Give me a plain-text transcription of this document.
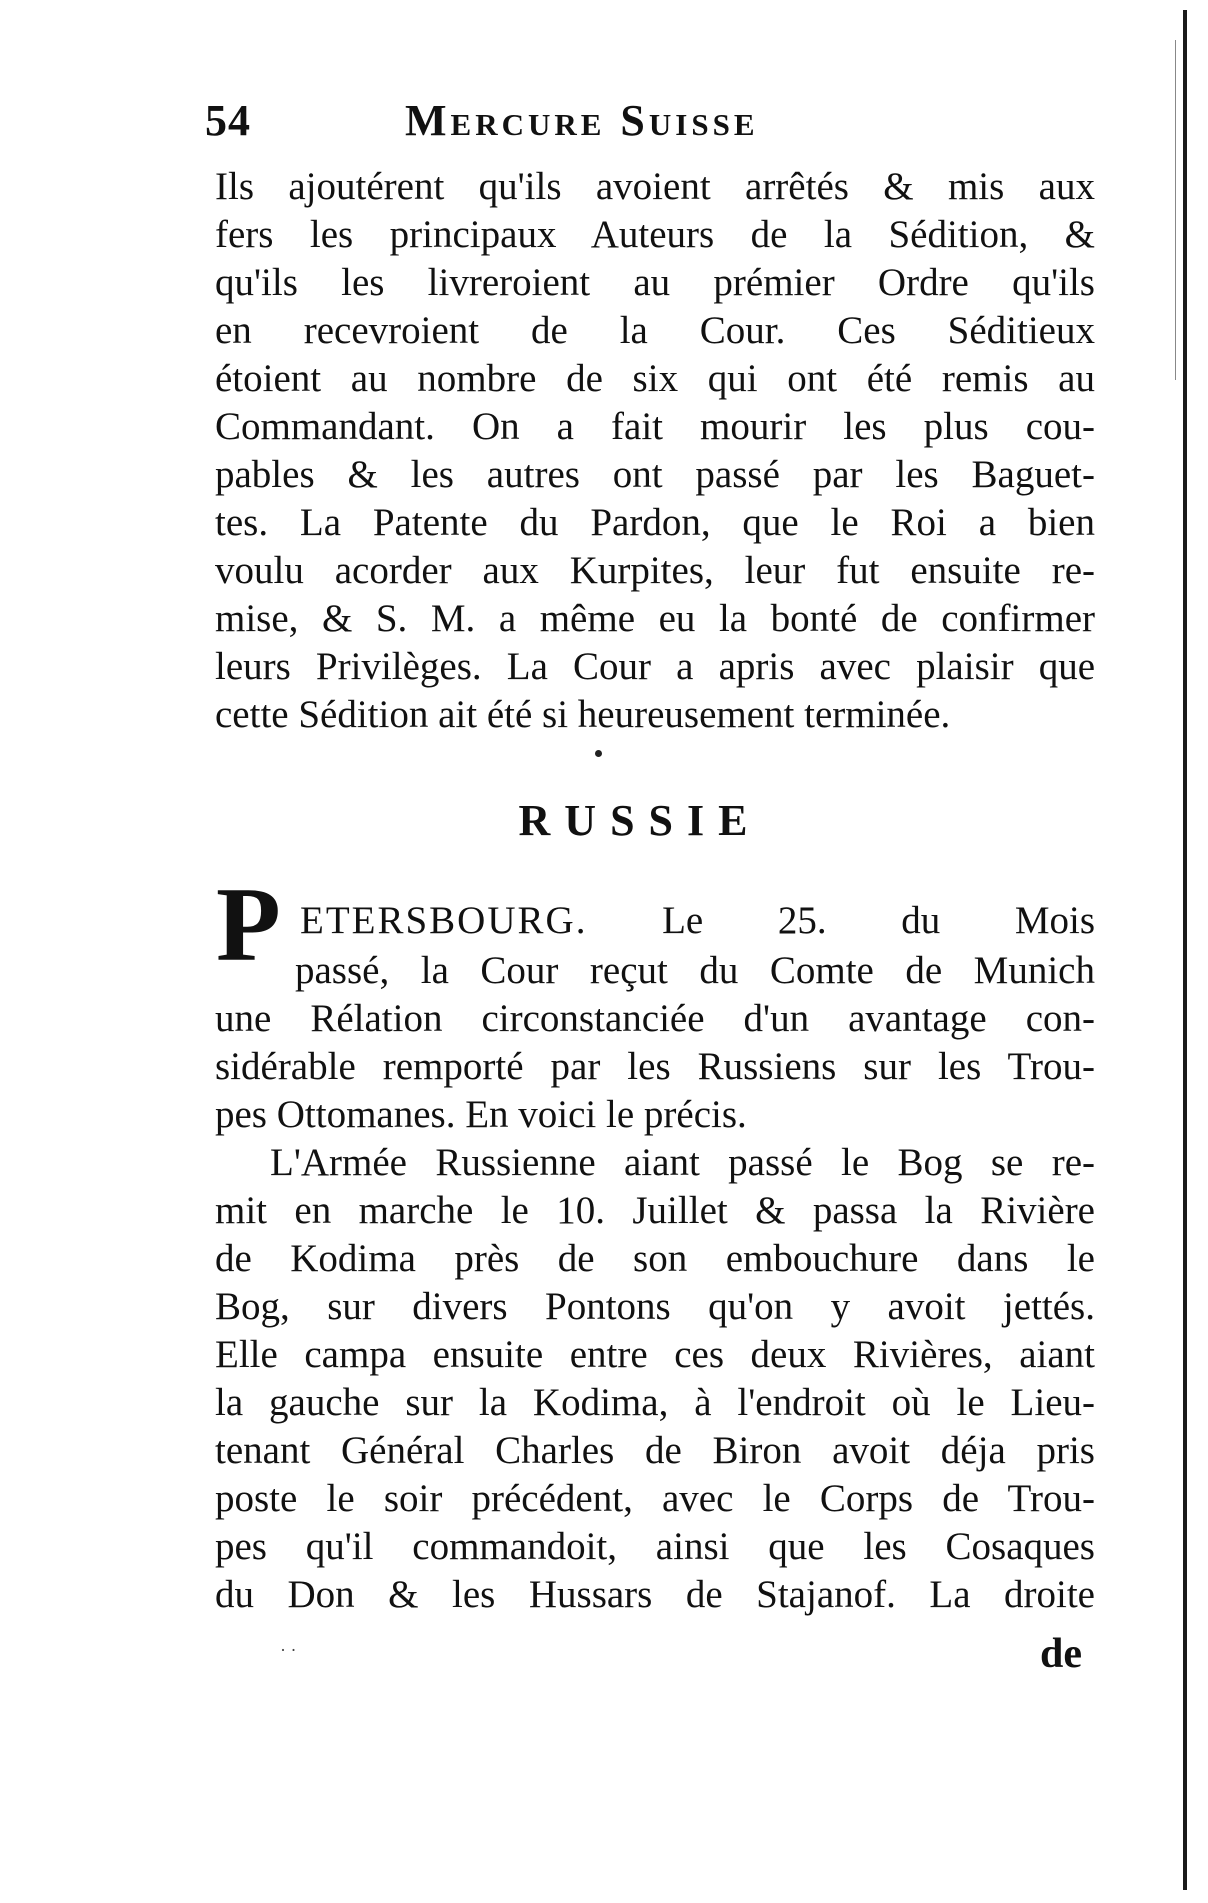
54	Mercure Suisse
Ils ajoutérent qu'ils avoient arrêtés & mis aux
fers les principaux Auteurs de la Sédition, &
qu'ils les livreroient au prémier Ordre qu'ils
en recevroient de la Cour. Ces Séditieux
étoient au nombre de six qui ont été remis au
Commandant. On a fait mourir les plus cou-
pables & les autres ont passé par les Baguet-
tes. La Patente du Pardon, que le Roi a bien
voulu acorder aux Kurpites, leur fut ensuite re-
mise, & S. M. a même eu la bonté de confirmer
leurs Privilèges. La Cour a apris avec plaisir que
cette Sédition ait été si heureusement terminée.
RUSSIE
P ETERSBOURG. Le 25. du Mois
passé, la Cour reçut du Comte de Munich
une Rélation circonstanciée d'un avantage con-
sidérable remporté par les Russiens sur les Trou-
pes Ottomanes. En voici le précis.
L'Armée Russienne aiant passé le Bog se re-
mit en marche le 10. Juillet & passa la Rivière
de Kodima près de son embouchure dans le
Bog, sur divers Pontons qu'on y avoit jettés.
Elle campa ensuite entre ces deux Rivières, aiant
la gauche sur la Kodima, à l'endroit où le Lieu-
tenant Général Charles de Biron avoit déja pris
poste le soir précédent, avec le Corps de Trou-
pes qu'il commandoit, ainsi que les Cosaques
du Don & les Hussars de Stajanof. La droite
de
· ·
